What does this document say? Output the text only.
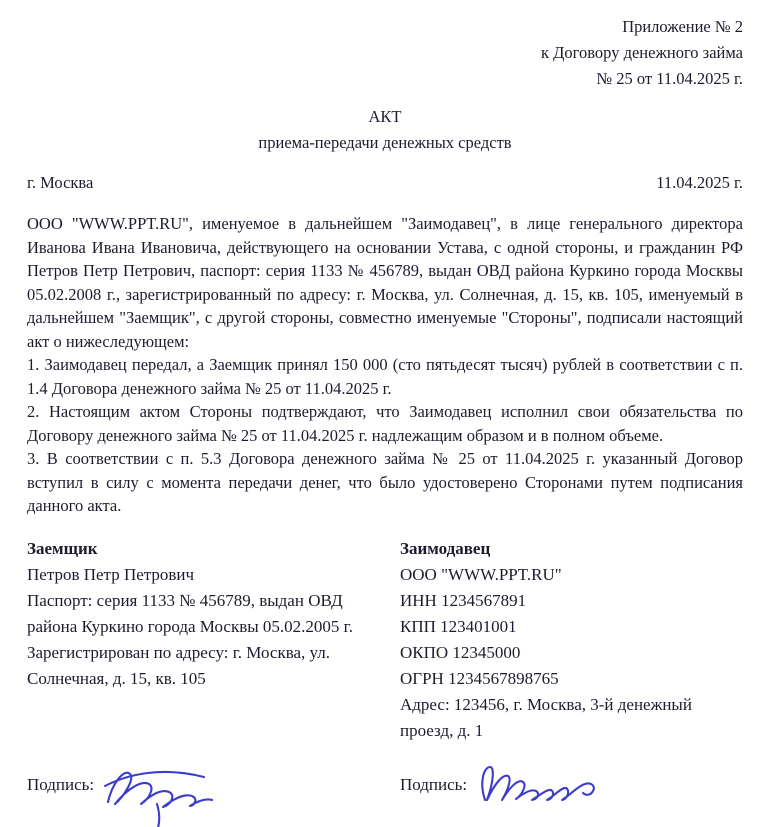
Приложение № 2
к Договору денежного займа
№ 25 от 11.04.2025 г.
АКТ
приема-передачи денежных средств
г. Москва	11.04.2025 г.

ООО "WWW.PPT.RU", именуемое в дальнейшем "Заимодавец", в лице генерального директора Иванова Ивана Ивановича, действующего на основании Устава, с одной стороны, и гражданин РФ Петров Петр Петрович, паспорт: серия 1133 № 456789, выдан ОВД района Куркино города Москвы 05.02.2008 г., зарегистрированный по адресу: г. Москва, ул. Солнечная, д. 15, кв. 105, именуемый в дальнейшем "Заемщик", с другой стороны, совместно именуемые "Стороны", подписали настоящий акт о нижеследующем:

1. Заимодавец передал, а Заемщик принял 150 000 (сто пятьдесят тысяч) рублей в соответствии с п. 1.4 Договора денежного займа № 25 от 11.04.2025 г.

2. Настоящим актом Стороны подтверждают, что Заимодавец исполнил свои обязательства по Договору денежного займа № 25 от 11.04.2025 г. надлежащим образом и в полном объеме.

3. В соответствии с п. 5.3 Договора денежного займа № 25 от 11.04.2025 г. указанный Договор вступил в силу с момента передачи денег, что было удостоверено Сторонами путем подписания данного акта.

Заемщик
Петров Петр Петрович
Паспорт: серия 1133 № 456789, выдан ОВД района Куркино города Москвы 05.02.2005 г.
Зарегистрирован по адресу: г. Москва, ул. Солнечная, д. 15, кв. 105
Заимодавец
ООО "WWW.PPT.RU"
ИНН 1234567891
КПП 123401001
ОКПО 12345000
ОГРН 1234567898765
Адрес: 123456, г. Москва, 3-й денежный проезд, д. 1
Подпись:	Подпись:
